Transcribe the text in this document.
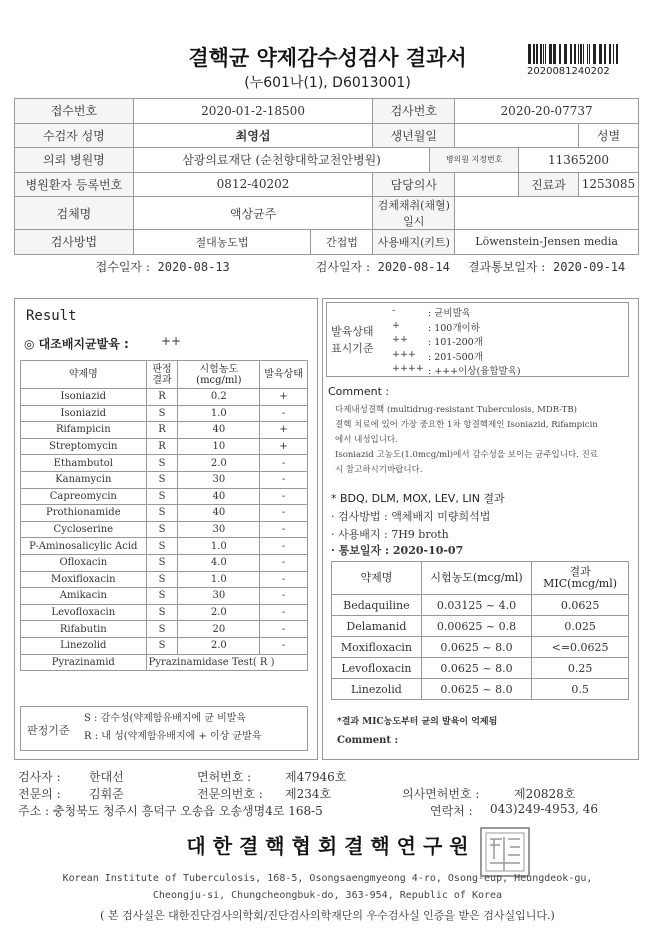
결핵균 약제감수성검사 결과서
(누601나(1), D6013001)
2020081240202
접수번호	2020-01-2-18500		검사번호		2020-20-07737		
수검자 성명	최영섭		생년월일				성별
의뢰 병원명	삼광의료재단 (순천향대학교천안병원)			병의원 지정번호		11365200	
병원환자 등록번호	0812-40202		담당의사			진료과	1253085
검체명	액상균주		검체채취(채혈)일시				
검사방법	절대농도법	간접법	사용배지(키트)		Löwenstein-Jensen media		
접수일자 : 2020-08-13		검사일자 : 2020-08-14			결과통보일자 : 2020-09-14		
Result
◎ 대조배지균발육 :	++
약제명	판정결과	시험농도(mcg/ml)	발육상태
Isoniazid	R	0.2	+
Isoniazid	S	1.0	-
Rifampicin	R	40	+
Streptomycin	R	10	+
Ethambutol	S	2.0	-
Kanamycin	S	30	-
Capreomycin	S	40	-
Prothionamide	S	40	-
Cycloserine	S	30	-
P-Aminosalicylic Acid	S	1.0	-
Ofloxacin	S	4.0	-
Moxifloxacin	S	1.0	-
Amikacin	S	30	-
Levofloxacin	S	2.0	-
Rifabutin	S	20	-
Linezolid	S	2.0	-
Pyrazinamid	Pyrazinamidase Test( R )		
판정기준
S : 감수성(약제함유배지에 균 비발육
R : 내 성(약제함유배지에 + 이상 균발육
발육상태 표시기준
-	: 균비발육
+	: 100개이하
++ : 101-200개
+++ : 201-500개
++++ : +++이상(융합발육)
Comment :
다제내성결핵 (multidrug-resistant Tuberculosis, MDR-TB)
결핵 치료에 있어 가장 중요한 1차 항결핵제인 Isoniazid, Rifampicin
에서 내성입니다.
Isoniazid 고농도(1.0mcg/ml)에서 감수성을 보이는 균주입니다. 진료
시 참고하시기바랍니다.
* BDQ, DLM, MOX, LEV, LIN 결과
· 검사방법 : 액체배지 미량희석법
· 사용배지 : 7H9 broth
· 통보일자 : 2020-10-07
약제명	시험농도(mcg/ml)	결과 MIC(mcg/ml)
Bedaquiline	0.03125 ~ 4.0	0.0625
Delamanid	0.00625 ~ 0.8	0.025
Moxifloxacin	0.0625 ~ 8.0	<=0.0625
Levofloxacin	0.0625 ~ 8.0	0.25
Linezolid	0.0625 ~ 8.0	0.5
*결과 MIC농도부터 균의 발육이 억제됨
Comment :
검사자 : 한대선	면허번호 :	제47946호
전문의 : 김휘준	전문의번호 : 제234호	의사면허번호 :	제20828호
주소 : 충청북도 청주시 흥덕구 오송읍 오송생명4로 168-5	연락처 : 043)249-4953, 46
대 한 결 핵 협 회 결 핵 연 구 원
Korean Institute of Tuberculosis, 168-5, Osongsaengmyeong 4-ro, Osong-eup, Heungdeok-gu,
Cheongju-si, Chungcheongbuk-do, 363-954, Republic of Korea
( 본 검사실은 대한진단검사의학회/진단검사의학재단의 우수검사실 인증을 받은 검사실입니다.)
